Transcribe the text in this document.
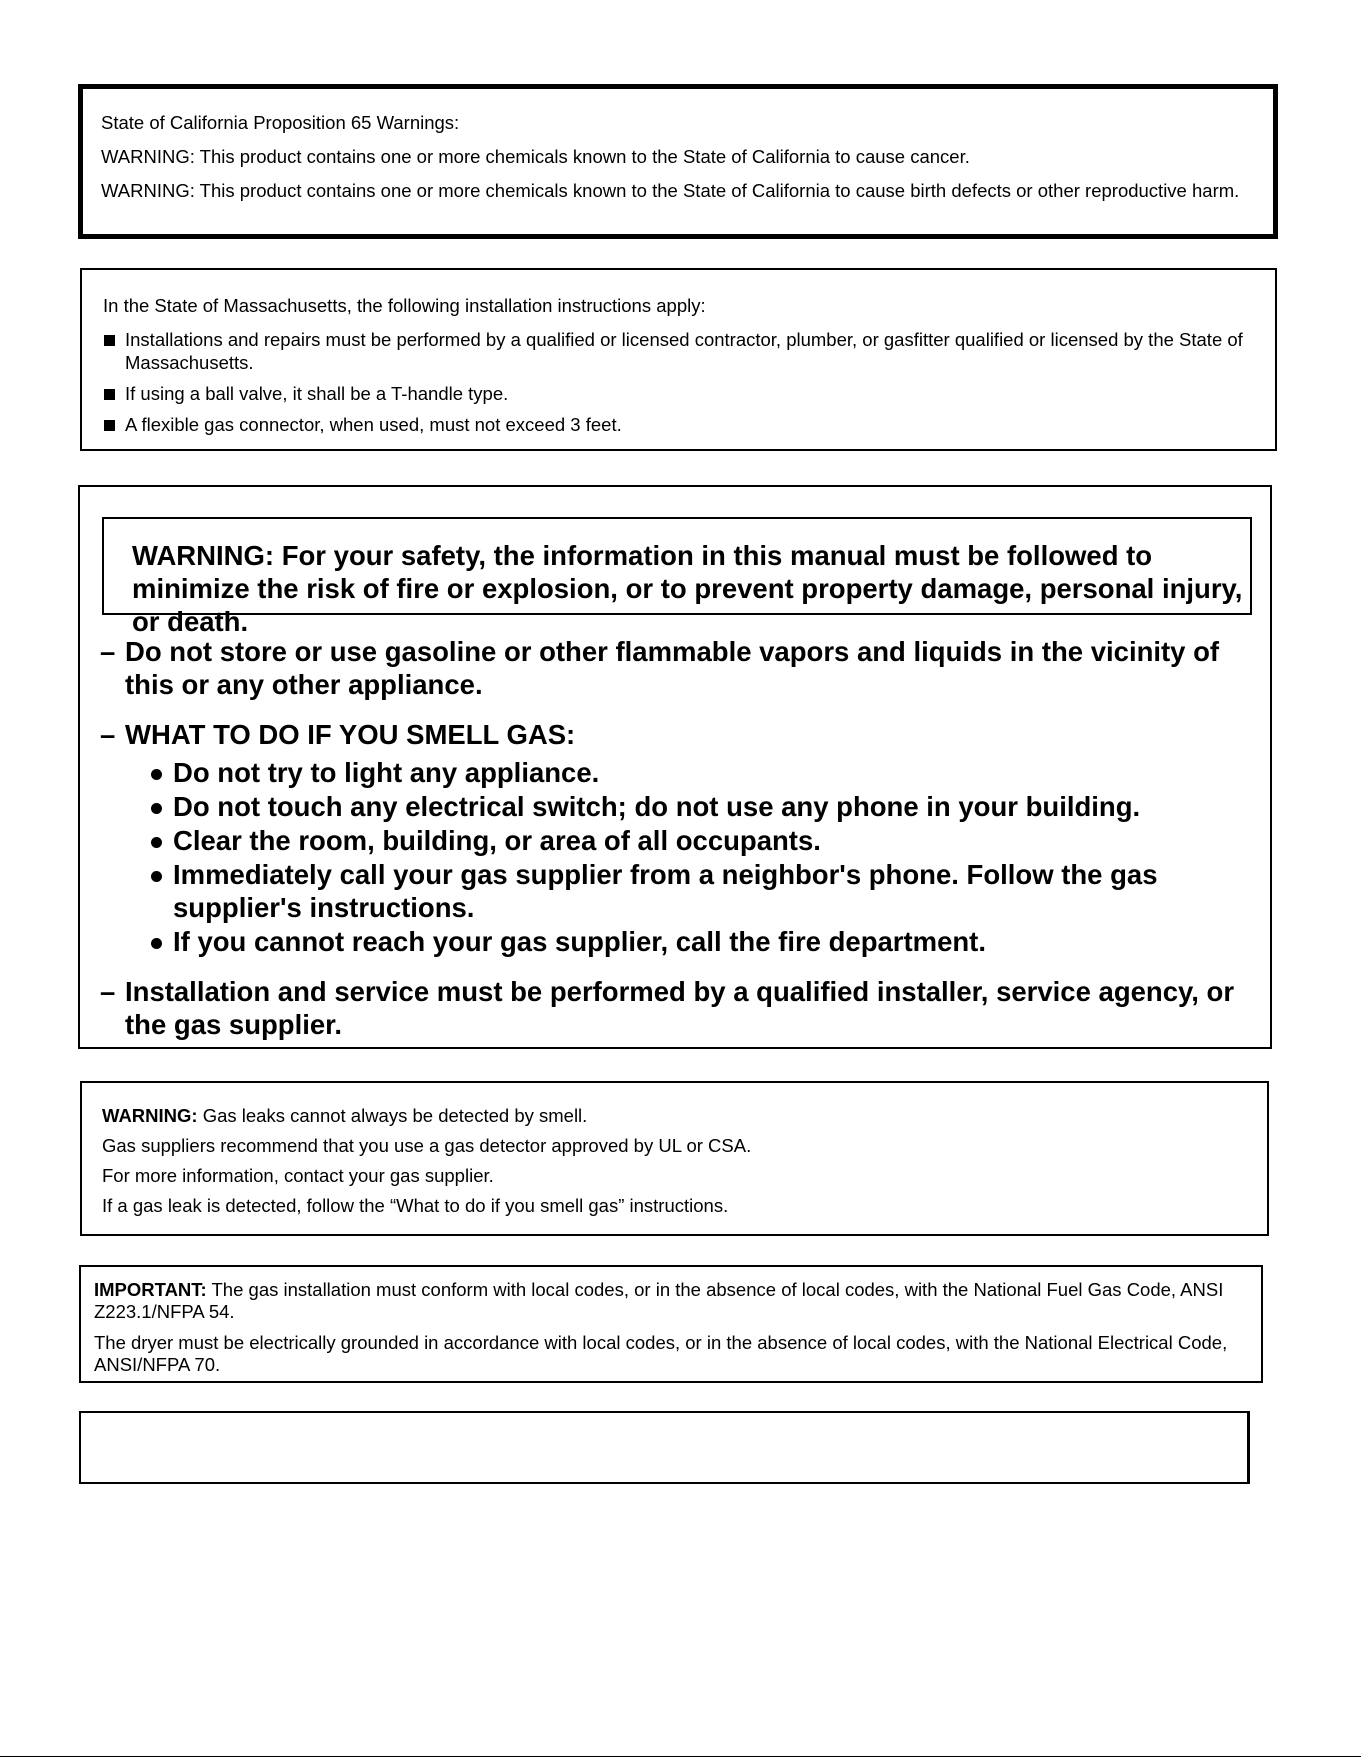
State of California Proposition 65 Warnings:

WARNING: This product contains one or more chemicals known to the State of California to cause cancer.

WARNING: This product contains one or more chemicals known to the State of California to cause birth defects or other reproductive harm.

In the State of Massachusetts, the following installation instructions apply:

Installations and repairs must be performed by a qualified or licensed contractor, plumber, or gasfitter qualified or licensed by the State of Massachusetts.
If using a ball valve, it shall be a T-handle type.
A flexible gas connector, when used, must not exceed 3 feet.
WARNING: For your safety, the information in this manual must be followed to minimize the risk of fire or explosion, or to prevent property damage, personal injury, or death.
– Do not store or use gasoline or other flammable vapors and liquids in the vicinity of this or any other appliance.
– WHAT TO DO IF YOU SMELL GAS:
Do not try to light any appliance.
Do not touch any electrical switch; do not use any phone in your building.
Clear the room, building, or area of all occupants.
Immediately call your gas supplier from a neighbor's phone. Follow the gas supplier's instructions.
If you cannot reach your gas supplier, call the fire department.
– Installation and service must be performed by a qualified installer, service agency, or the gas supplier.

WARNING: Gas leaks cannot always be detected by smell.

Gas suppliers recommend that you use a gas detector approved by UL or CSA.

For more information, contact your gas supplier.

If a gas leak is detected, follow the “What to do if you smell gas” instructions.

IMPORTANT: The gas installation must conform with local codes, or in the absence of local codes, with the National Fuel Gas Code, ANSI Z223.1/NFPA 54.

The dryer must be electrically grounded in accordance with local codes, or in the absence of local codes, with the National Electrical Code, ANSI/NFPA 70.
